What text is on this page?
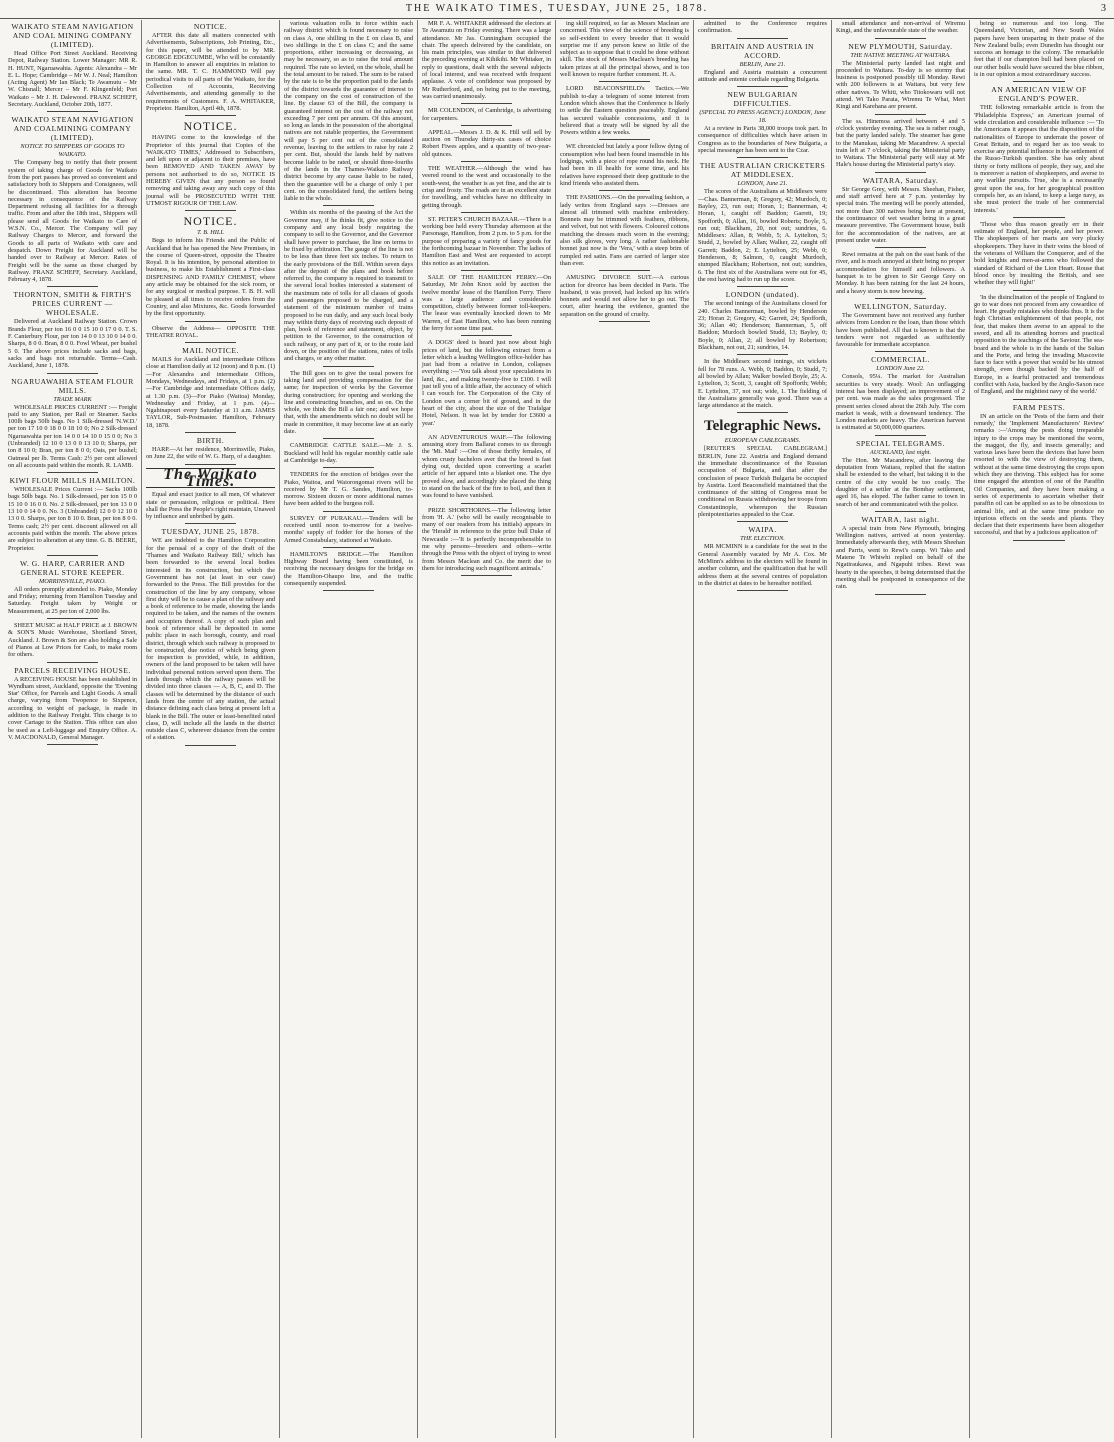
THE WAIKATO TIMES, TUESDAY, JUNE 25, 1878.	3
WAIKATO STEAM NAVIGATION AND COAL MINING COMPANY (LIMITED).

Head Office Port Street Auckland. Receiving Depot, Railway Station. Lower Manager: MR R. H. HUNT, Ngaruawahia. Agents: Alexandra – Mr E. L. Hope; Cambridge – Mr W. J. Neal; Hamilton (Acting Agent) Mr Ian Black; Te Awamutu – Mr W. Chisnall; Mercer – Mr F. Klingenfeld; Port Waikato – Mr J. H. Dalewood. FRANZ SCHEFF, Secretary. Auckland, October 20th, 1877.

WAIKATO STEAM NAVIGATION AND COALMINING COMPANY (LIMITED).
NOTICE TO SHIPPERS OF GOODS TO WAIKATO.

The Company beg to notify that their present system of taking charge of Goods for Waikato from the port passes has proved so convenient and satisfactory both to Shippers and Consignees, will be discontinued. This alteration has become necessary in consequence of the Railway Department refusing all facilities for a through traffic. From and after the 18th inst., Shippers will please send all Goods for Waikato to Care of W.S.N. Co., Mercer. The Company will pay Railway Charges to Mercer, and forward the Goods to all parts of Waikato with care and despatch. Down Freight for Auckland will be handed over to Railway at Mercer. Rates of Freight will be the same as those charged by Railway. FRANZ SCHEFF, Secretary. Auckland, February 4, 1878.

THORNTON, SMITH & FIRTH'S PRICES CURRENT — WHOLESALE.

Delivered at Auckland Railway Station. Crown Brands Flour, per ton 16 0 0 15 10 0 17 0 0. T. S. F. Canterbury Flour, per ton 14 0 0 13 10 0 14 0 0. Sharps, 8 0 0. Bran, 8 0 0. Fowl Wheat, per bushel 5 0. The above prices include sacks and bags, sacks and bags not returnable. Terms—Cash. Auckland, June 1, 1878.

NGARUAWAHIA STEAM FLOUR MILLS.
TRADE MARK

WHOLESALE PRICES CURRENT :— Freight paid to any Station, per Rail or Steamer. Sacks 100lb bags 50lb bags. No 1 Silk-dressed 'N.W.D.' per ton 17 10 0 18 0 0 18 10 0; No 2 Silk-dressed Ngaruawahia per ton 14 0 0 14 10 0 15 0 0; No 3 (Unbranded) 12 10 0 13 0 0 13 10 0; Sharps, per ton 8 10 0; Bran, per ton 8 0 0; Oats, per bushel; Oatmeal per lb. Terms Cash: 2½ per cent allowed on all accounts paid within the month. R. LAMB.

KIWI FLOUR MILLS HAMILTON.

WHOLESALE Prices Current :— Sacks 100lb bags 50lb bags. No. 1 Silk-dressed, per ton 15 0 0 15 10 0 16 0 0. No. 2 Silk-dressed, per ton 13 0 0 13 10 0 14 0 0. No. 3 (Unbranded) 12 0 0 12 10 0 13 0 0. Sharps, per ton 8 10 0. Bran, per ton 8 0 0. Terms cash; 2½ per cent. discount allowed on all accounts paid within the month. The above prices are subject to alteration at any time. G. B. BEERE, Proprietor.

W. G. HARP, CARRIER AND GENERAL STORE KEEPER.
MORRINSVILLE, PIAKO.

All orders promptly attended to. Piako, Monday and Friday; returning from Hamilton Tuesday and Saturday. Freight taken by Weight or Measurement, at 25 per ton of 2,000 lbs.

SHEET MUSIC at HALF PRICE at J. BROWN & SON'S Music Warehouse, Shortland Street, Auckland. J. Brown & Son are also holding a Sale of Pianos at Low Prices for Cash, to make room for others.

PARCELS RECEIVING HOUSE.

A RECEIVING HOUSE has been established in Wyndham street, Auckland, opposite the 'Evening Star' Office, for Parcels and Light Goods. A small charge, varying from Twopence to Sixpence, according to weight of package, is made in addition to the Railway Freight. This charge is to cover Cartage to the Station. This office can also be used as a Left-luggage and Enquiry Office. A. V. MACDONALD, General Manager.

NOTICE.

AFTER this date all matters connected with Advertisements, Subscriptions, Job Printing, Etc., for this paper, will be attended to by MR. GEORGE EDGECUMBE, Who will be constantly in Hamilton to answer all enquiries in relation to the same. MR. T. C. HAMMOND Will pay periodical visits to all parts of the Waikato, for the Collection of Accounts, Receiving Advertisements, and attending generally to the requirements of Customers. F. A. WHITAKER, Proprietor. Hamilton, April 4th, 1878.

NOTICE.

HAVING come to the knowledge of the Proprietor of this journal that Copies of the 'WAIKATO TIMES,' Addressed to Subscribers, and left upon or adjacent to their premises, have been REMOVED AND TAKEN AWAY by persons not authorised to do so, NOTICE IS HEREBY GIVEN that any person so found removing and taking away any such copy of this journal will be PROSECUTED WITH THE UTMOST RIGOUR OF THE LAW.

NOTICE.
T. B. HILL

Begs to inform his Friends and the Public of Auckland that he has opened the New Premises, in the course of Queen-street, opposite the Theatre Royal. It is his intention, by personal attention to business, to make his Establishment a First-class DISPENSING AND FAMILY CHEMIST, where any article may be obtained for the sick room, or for any surgical or medical purpose. T. B. H. will be pleased at all times to receive orders from the Country, and also Mixtures, &c. Goods forwarded by the first opportunity.

Observe the Address— OPPOSITE THE THEATRE ROYAL.

MAIL NOTICE.

MAILS for Auckland and intermediate Offices close at Hamilton daily at 12 (noon) and 8 p.m. (1)—For Alexandra and intermediate Offices, Mondays, Wednesdays, and Fridays, at 1 p.m. (2)—For Cambridge and intermediate Offices daily, at 1.30 p.m. (3)—For Piako (Waitoa) Monday, Wednesday and Friday, at 1 p.m. (4)—Ngahinapouri every Saturday at 11 a.m. JAMES TAYLOR, Sub-Postmaster. Hamilton, February 18, 1878.

BIRTH.

HARP.—At her residence, Morrinsville, Piako, on June 22, the wife of W. G. Harp, of a daughter.

The Waikato Times.

Equal and exact justice to all men, Of whatever state or persuasion, religious or political. Here shall the Press the People's right maintain, Unawed by influence and unbribed by gain.

TUESDAY, JUNE 25, 1878.

WE are indebted to the Hamilton Corporation for the perusal of a copy of the draft of the 'Thames and Waikato Railway Bill,' which has been forwarded to the several local bodies interested in its construction, but which the Government has not (at least in our case) forwarded to the Press. The Bill provides for the construction of the line by any company, whose first duty will be to cause a plan of the railway and a book of reference to be made, showing the lands required to be taken, and the names of the owners and occupiers thereof. A copy of such plan and book of reference shall be deposited in some public place in each borough, county, and road district, through which such railway is proposed to be constructed, due notice of which being given for inspection is provided, while, in addition, owners of the land proposed to be taken will have individual personal notices served upon them. The lands through which the railway passes will be divided into three classes — A, B, C, and D. The classes will be determined by the distance of such lands from the centre of any station, the actual distance defining each class being at present left a blank in the Bill. The outer or least-benefited rated class, D, will include all the lands in the district outside class C, wherever distance from the centre of a station.

various valuation rolls in force within each railway district which is found necessary to raise on class A, one shilling in the £ on class B, and two shillings in the £ on class C; and the same proportions, either increasing or decreasing, as may be necessary, so as to raise the total amount required. The rate so levied, on the whole, shall be the total amount to be raised. The sum to be raised by the rate is to be the proportion paid to the lands of the district towards the guarantee of interest to the company on the cost of construction of the line. By clause 63 of the Bill, the company is guaranteed interest on the cost of the railway not exceeding 7 per cent per annum. Of this amount, so long as lands in the possession of the aboriginal natives are not ratable properties, the Government will pay 5 per cent out of the consolidated revenue, leaving to the settlers to raise by rate 2 per cent. But, should the lands held by natives become liable to be rated, or should three-fourths of the lands in the Thames-Waikato Railway district become by any cause liable to be rated, then the guarantee will be a charge of only 1 per cent. on the consolidated fund, the settlers being liable to the whole.

Within six months of the passing of the Act the Governor may, if he thinks fit, give notice to the company and any local body requiring the company to sell to the Governor, and the Governor shall have power to purchase, the line on terms to be fixed by arbitration. The gauge of the line is not to be less than three feet six inches. To return to the early provisions of the Bill. Within seven days after the deposit of the plans and book before referred to, the company is required to transmit to the several local bodies interested a statement of the maximum rate of tolls for all classes of goods and passengers proposed to be charged, and a statement of the minimum number of trains proposed to be run daily, and any such local body may within thirty days of receiving such deposit of plan, book of reference and statement, object, by petition to the Governor, to the construction of such railway, or any part of it, or to the route laid down, or the position of the stations, rates of tolls and charges, or any other matter.

The Bill goes on to give the usual powers for taking land and providing compensation for the same; for inspection of works by the Governor during construction; for opening and working the line and constructing branches, and so on. On the whole, we think the Bill a fair one; and we hope that, with the amendments which no doubt will be made in committee, it may become law at an early date.

CAMBRIDGE CATTLE SALE.—Mr J. S. Buckland will hold his regular monthly cattle sale at Cambridge to-day.

TENDERS for the erection of bridges over the Piako, Waitoa, and Waiorongomai rivers will be received by Mr T. G. Sandes, Hamilton, to-morrow. Sixteen dozen or more additional names have been added to the burgess roll.

SURVEY OF PURAKAU.—Tenders will be received until noon to-morrow for a twelve-months' supply of fodder for the horses of the Armed Constabulary, stationed at Waikato.

HAMILTON'S BRIDGE.—The Hamilton Highway Board having been constituted, is receiving the necessary designs for the bridge on the Hamilton-Ohaupo line, and the traffic consequently suspended.

MR F. A. WHITAKER addressed the electors at Te Awamutu on Friday evening. There was a large attendance. Mr Jas. Cunningham occupied the chair. The speech delivered by the candidate, on his main principles, was similar to that delivered the preceding evening at Kihikihi. Mr Whitaker, in reply to questions, dealt with the several subjects of local interest, and was received with frequent applause. A vote of confidence was proposed by Mr Rutherford, and, on being put to the meeting, was carried unanimously.

MR COLENDON, of Cambridge, is advertising for carpenters.

APPEAL.—Messrs J. D. & K. Hill will sell by auction on Thursday thirty-six cases of choice Robert Fiwes apples, and a quantity of two-year-old quinces.

THE WEATHER.—Although the wind has veered round to the west and occasionally to the south-west, the weather is as yet fine, and the air is crisp and frosty. The roads are in an excellent state for travelling, and vehicles have no difficulty in getting through.

ST. PETER'S CHURCH BAZAAR.—There is a working bee held every Thursday afternoon at the Parsonage, Hamilton, from 2 p.m. to 5 p.m. for the purpose of preparing a variety of fancy goods for the forthcoming bazaar in November. The ladies of Hamilton East and West are requested to accept this notice as an invitation.

SALE OF THE HAMILTON FERRY.—On Saturday, Mr John Knox sold by auction the twelve months' lease of the Hamilton Ferry. There was a large audience and considerable competition, chiefly between former toll-keepers. The lease was eventually knocked down to Mr Warren, of East Hamilton, who has been running the ferry for some time past.

A DOGS' deed is heard just now about high prices of land, but the following extract from a letter which a leading Wellington office-holder has just had from a relative in London, collapses everything :—'You talk about your speculations in land, &c., and making twenty-five to £100. I will just tell you of a little affair, the accuracy of which I can vouch for. The Corporation of the City of London own a corner bit of ground, and in the heart of the city, about the size of the Trafalgar Hotel, Nelson. It was let by tender for £3600 a year.'

AN ADVENTUROUS WAIF.—The following amusing story from Ballarat comes to us through the 'Mt. Mail' :—One of those thrifty females, of whom crusty bachelors aver that the breed is fast dying out, decided upon converting a scarlet article of her apparel into a blanket one. The dye proved slow, and accordingly she placed the thing to stand on the back of the fire to boil, and then it was found to have vanished.

PRIZE SHORTHORNS.—The following letter from 'H. A.' (who will be easily recognisable to many of our readers from his initials) appears in the 'Herald' in reference to the prize bull Duke of Newcastle :—'It is perfectly incomprehensible to me why persons—breeders and others—write through the Press with the object of trying to wrest from Messrs Maclean and Co. the merit due to them for introducing such magnificent animals.'

ing skill required, so far as Messrs Maclean are concerned. This view of the science of breeding is so self-evident to every breeder that it would surprise me if any person knew so little of the subject as to suppose that it could be done without skill. The stock of Messrs Maclean's breeding has taken prizes at all the principal shows, and is too well known to require further comment. H. A.

LORD BEACONSFIELD's Tactics.—We publish to-day a telegram of some interest from London which shows that the Conference is likely to settle the Eastern question peaceably. England has secured valuable concessions, and it is believed that a treaty will be signed by all the Powers within a few weeks.

WE chronicled but lately a poor fellow dying of consumption who had been found insensible in his lodgings, with a piece of rope round his neck. He had been in ill health for some time, and his relatives have expressed their deep gratitude to the kind friends who assisted them.

THE FASHIONS.—On the prevailing fashion, a lady writes from England says :—Dresses are almost all trimmed with machine embroidery. Bonnets may be trimmed with feathers, ribbons, and velvet, but not with flowers. Coloured cottons matching the dresses much worn in the evening; also silk gloves, very long. A rather fashionable bonnet just now is the 'Vera,' with a steep brim of rumpled red satin. Fans are carried of larger size than ever.

AMUSING DIVORCE SUIT.—A curious action for divorce has been decided in Paris. The husband, it was proved, had locked up his wife's bonnets and would not allow her to go out. The court, after hearing the evidence, granted the separation on the ground of cruelty.

admitted to the Conference requires confirmation.

BRITAIN AND AUSTRIA IN ACCORD.
BERLIN, June 21.

England and Austria maintain a concurrent attitude and entente cordiale regarding Bulgaria.

NEW BULGARIAN DIFFICULTIES.
(SPECIAL TO PRESS AGENCY.) LONDON, June 18.

At a review in Paris 38,000 troops took part. In consequence of difficulties which have arisen in Congress as to the boundaries of New Bulgaria, a special messenger has been sent to the Czar.

THE AUSTRALIAN CRICKETERS AT MIDDLESEX.
LONDON, June 21.

The scores of the Australians at Middlesex were—Chas. Bannerman, 8; Gregory, 42; Murdoch, 0; Bayley, 23, run out; Horan, 1; Bannerman, 4; Horan, 1, caught off Baddon; Garrett, 19; Spofforth, 0; Allan, 16, bowled Roberts; Boyle, 5, run out; Blackham, 20, not out; sundries, 6. Middlesex: Allan, 8; Webb, 5; A. Lyttelton, 5; Studd, 2, bowled by Allan; Walker, 22, caught off Garrett; Baddon, 2; E. Lyttelton, 25; Webb, 0; Henderson, 8; Salmon, 0, caught Murdoch, stumped Blackham; Robertson, not out; sundries, 6. The first six of the Australians were out for 45, the rest having had to run up the score.

LONDON (undated).

The second innings of the Australians closed for 240. Charles Bannerman, bowled by Henderson 23; Horan 2; Gregory, 42; Garrett, 24; Spofforth, 36; Allan 40; Henderson; Bannerman, 5, off Baddon; Murdoch bowled Studd, 13; Bayley, 0; Boyle, 0; Allan, 2; all bowled by Robertson; Blackham, not out, 21; sundries, 14.

In the Middlesex second innings, six wickets fell for 78 runs. A. Webb, 0; Baddon, 0; Studd, 7; all bowled by Allan; Walker bowled Boyle, 25; A. Lyttelton, 3; Scott, 3, caught off Spofforth; Webb; E. Lyttelton, 37, not out; wide, 1. The fielding of the Australians generally was good. There was a large attendance at the match.

Telegraphic News.
EUROPEAN CABLEGRAMS.

[REUTER'S SPECIAL CABLEGRAM.] BERLIN, June 22. Austria and England demand the immediate discontinuance of the Russian occupation of Bulgaria, and that after the conclusion of peace Turkish Bulgaria be occupied by Austria. Lord Beaconsfield maintained that the continuance of the sitting of Congress must be conditional on Russia withdrawing her troops from Constantinople, whereupon the Russian plenipotentiaries appealed to the Czar.

WAIPA.
THE ELECTION.

MR MCMINN is a candidate for the seat in the General Assembly vacated by Mr A. Cox. Mr McMinn's address to the electors will be found in another column, and the qualification that he will address them at the several centres of population in the district at dates to be hereafter notified.

small attendance and non-arrival of Wiremu Kingi, and the unfavourable state of the weather.

NEW PLYMOUTH, Saturday.
THE NATIVE MEETING AT WAITARA.

The Ministerial party landed last night and proceeded to Waitara. To-day is so stormy that business is postponed possibly till Monday. Rewi with 200 followers is at Waitara, but very few other natives. Te Whiti, who Titokowaru will not attend. Wi Tako Parata, Wiremu Te Whai, Meri Kingi and Karehana are present.

The ss. Hinemoa arrived between 4 and 5 o'clock yesterday evening. The sea is rather rough, but the party landed safely. The steamer has gone to the Manukau, taking Mr Macandrew. A special train left at 7 o'clock, taking the Ministerial party to Waitara. The Ministerial party will stay at Mr Hale's house during the Ministerial party's stay.

WAITARA, Saturday.

Sir George Grey, with Messrs. Sheehan, Fisher, and staff arrived here at 7 p.m. yesterday by special train. The meeting will be poorly attended, not more than 300 natives being here at present, the continuance of wet weather being in a great measure preventive. The Government house, built for the accommodation of the natives, are at present under water.

Rewi remains at the pah on the east bank of the river, and is much annoyed at their being no proper accommodation for himself and followers. A banquet is to be given to Sir George Grey on Monday. It has been raining for the last 24 hours, and a heavy storm is now brewing.

WELLINGTON, Saturday.

The Government have not received any further advices from London re the loan, than those which have been published. All that is known is that the tenders were not regarded as sufficiently favourable for immediate acceptance.

COMMERCIAL.
LONDON June 22.

Consols, 95¼. The market for Australian securities is very steady. Wool: An unflagging interest has been displayed; an improvement of 2 per cent. was made as the sales progressed. The present series closed about the 26th July. The corn market is weak, with a downward tendency. The London markets are heavy. The American harvest is estimated at 50,000,000 quarters.

SPECIAL TELEGRAMS.
AUCKLAND, last night.

The Hon. Mr Macandrew, after leaving the deputation from Waitara, replied that the station shall be extended to the wharf, but taking it to the centre of the city would be too costly. The daughter of a settler at the Bombay settlement, aged 16, has eloped. The father came to town in search of her and communicated with the police.

WAITARA, last night.

A special train from New Plymouth, bringing Wellington natives, arrived at noon yesterday. Immediately afterwards they, with Messrs Sheehan and Parris, went to Rewi's camp. Wi Tako and Matene Te Whiwhi replied on behalf of the Ngatiraukawa, and Ngapuhi tribes. Rewi was hearty in the speeches, it being determined that the meeting shall be postponed in consequence of the rain.

being so numerous and too long. The Queensland, Victorian, and New South Wales papers have been unsparing in their praise of the New Zealand bulls; even Dunedin has thought our success an homage to the colony. The remarkable feet that if our champion bull had been placed on our other bulls would have secured the blue ribbon, is in our opinion a most extraordinary success.

AN AMERICAN VIEW OF ENGLAND'S POWER.

THE following remarkable article is from the 'Philadelphia Express,' an American journal of wide circulation and considerable influence :— 'To the Americans it appears that the disposition of the nationalities of Europe to underrate the power of Great Britain, and to regard her as too weak to exercise any potential influence in the settlement of the Russo-Turkish question. She has only about thirty or forty millions of people, they say, and she is moreover a nation of shopkeepers, and averse to any warlike pursuits. True, she is a necessarily great upon the sea, for her geographical position compels her, as an island, to keep a large navy, as she must protect the trade of her commercial interests.'

'Those who thus reason greatly err in their estimate of England, her people, and her power. The shopkeepers of her marts are very plucky shopkeepers. They have in their veins the blood of the veterans of William the Conqueror, and of the bold knights and men-at-arms who followed the standard of Richard of the Lion Heart. Rouse that blood once by insulting the British, and see whether they will fight!'

'In the disinclination of the people of England to go to war does not proceed from any cowardice of heart. He greatly mistakes who thinks thus. It is the high Christian enlightenment of that people, not fear, that makes them averse to an appeal to the sword, and all its attending horrors and practical opposition to the teachings of the Saviour. The sea-board and the whole is in the hands of the Sultan and the Porte, and bring the invading Muscovite face to face with a power that would be his utmost strength, even though backed by the half of Europe, in a fearful protracted and tremendous conflict with Asia, backed by the Anglo-Saxon race of England, and the mightiest navy of the world.'

FARM PESTS.

IN an article on the 'Pests of the farm and their remedy,' the 'Implement Manufacturers' Review' remarks :—'Among the pests doing irreparable injury to the crops may be mentioned the worm, the maggot, the fly, and insects generally; and various laws have been the devices that have been resorted to with the view of destroying them, without at the same time destroying the crops upon which they are thriving. This subject has for some time engaged the attention of one of the Paraffin Oil Companies, and they have been making a series of experiments to ascertain whether their paraffin oil can be applied so as to be obnoxious to animal life, and at the same time produce no injurious effects on the seeds and plants. They declare that their experiments have been altogether successful, and that by a judicious application of'
